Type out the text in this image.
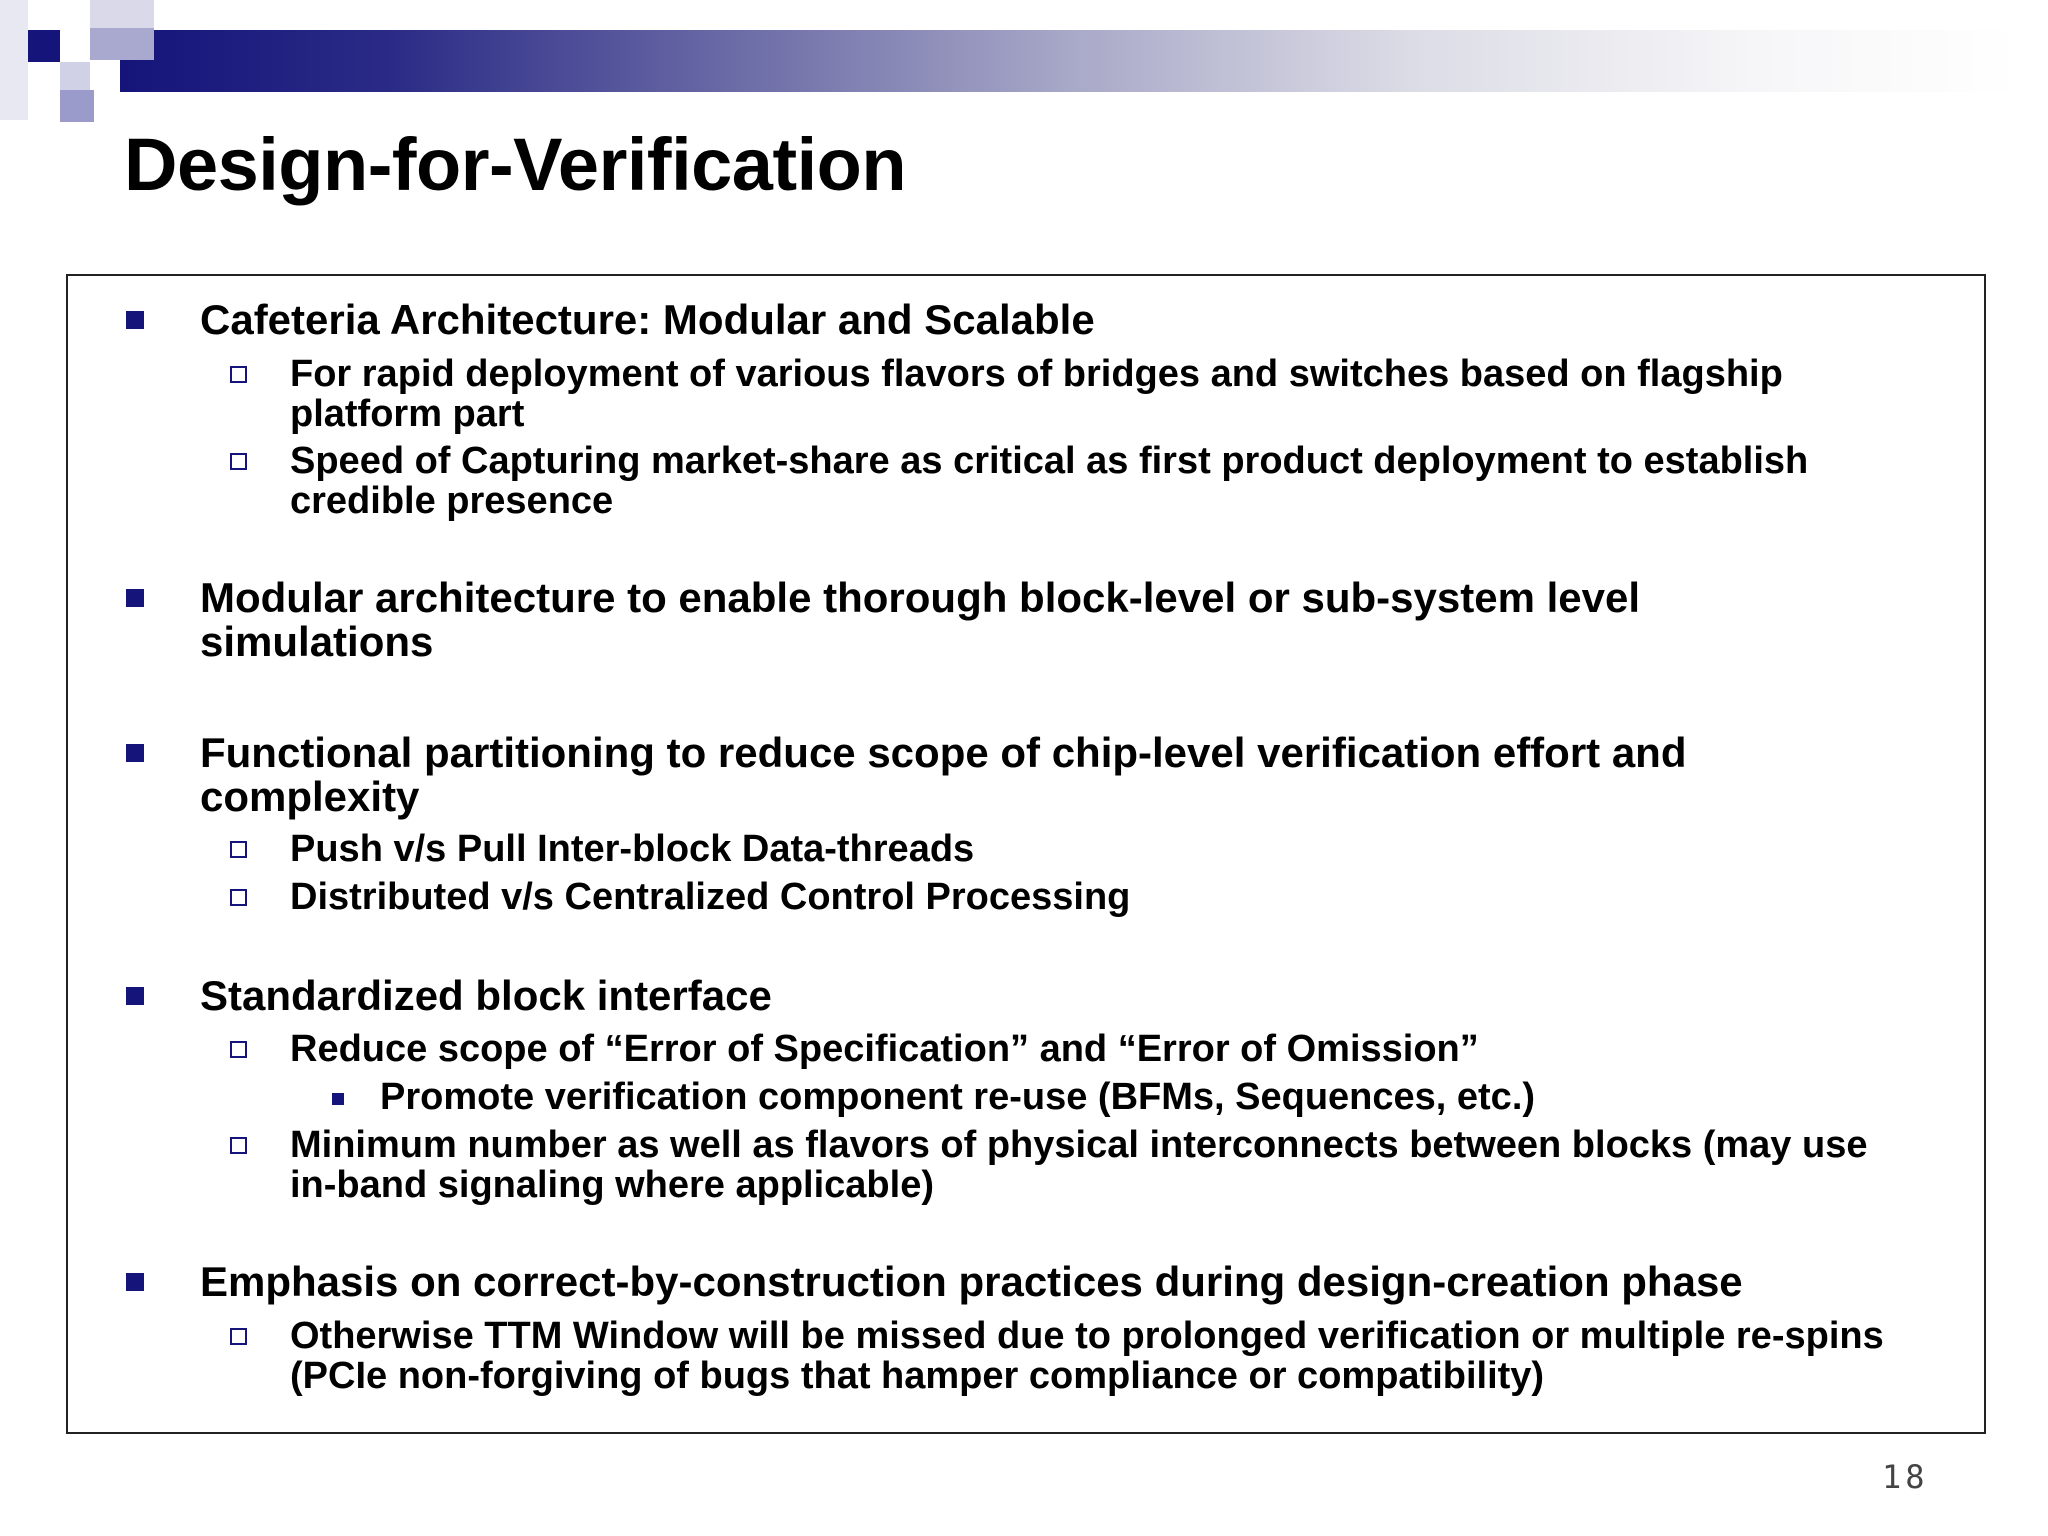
Design-for-Verification
Cafeteria Architecture: Modular and Scalable
For rapid deployment of various flavors of bridges and switches based on flagship platform part
Speed of Capturing market-share as critical as first product deployment to establish credible presence
Modular architecture to enable thorough block-level or sub-system level simulations
Functional partitioning to reduce scope of chip-level verification effort and complexity
Push v/s Pull Inter-block Data-threads
Distributed v/s Centralized Control Processing
Standardized block interface
Reduce scope of “Error of Specification” and “Error of Omission”
Promote verification component re-use (BFMs, Sequences, etc.)
Minimum number as well as flavors of physical interconnects between blocks (may use in-band signaling where applicable)
Emphasis on correct-by-construction practices during design-creation phase
Otherwise TTM Window will be missed due to prolonged verification or multiple re-spins (PCIe non-forgiving of bugs that hamper compliance or compatibility)
18
